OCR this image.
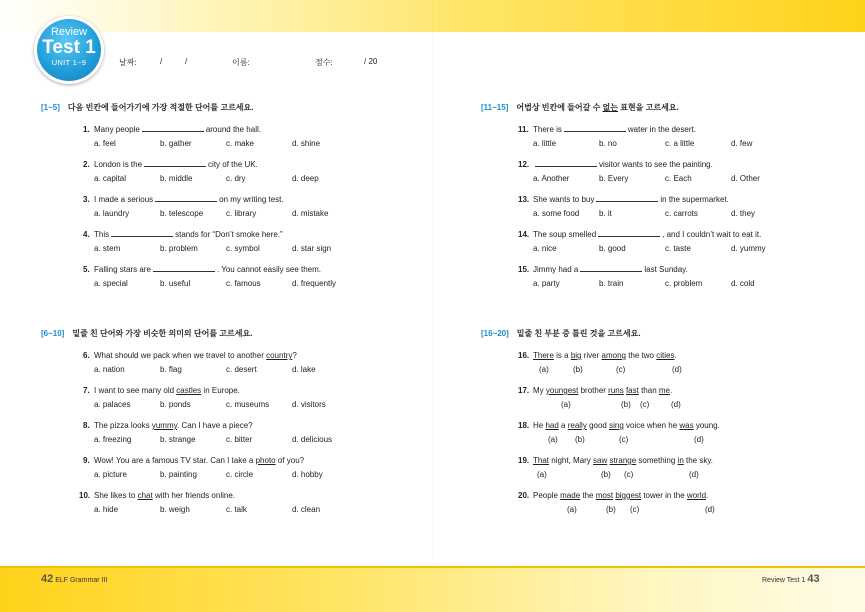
Review
Test 1
UNIT 1~9	날짜:	/	/	이름:	점수:	/ 20
[1~5] 다음 빈칸에 들어가기에 가장 적절한 단어를 고르세요.
[6~10] 밑줄 친 단어와 가장 비슷한 의미의 단어를 고르세요.
[11~15] 어법상 빈칸에 들어갈 수 없는 표현을 고르세요.
[16~20] 밑줄 친 부분 중 틀린 것을 고르세요.
1. Many people	around the hall.
a. feel	b. gather	c. make	d. shine
2. London is the	city of the UK.
a. capital	b. middle	c. dry	d. deep
3. I made a serious	on my writing test.
a. laundry	b. telescope	c. library	d. mistake
4. This	stands for “Don’t smoke here.”
a. stem	b. problem	c. symbol	d. star sign
5. Falling stars are	. You cannot easily see them.
a. special	b. useful	c. famous	d. frequently
6. What should we pack when we travel to another country?
a. nation	b. flag	c. desert	d. lake
7. I want to see many old castles in Europe.
a. palaces	b. ponds	c. museums	d. visitors
8. The pizza looks yummy. Can I have a piece?
a. freezing	b. strange	c. bitter	d. delicious
9. Wow! You are a famous TV star. Can I take a photo of you?
a. picture	b. painting	c. circle	d. hobby
10. She likes to chat with her friends online.
a. hide	b. weigh	c. talk	d. clean
11. There is	water in the desert.
a. little	b. no	c. a little	d. few
12.	visitor wants to see the painting.
a. Another	b. Every	c. Each	d. Other
13. She wants to buy	in the supermarket.
a. some food b. it	c. carrots	d. they
14. The soup smelled	, and I couldn’t wait to eat it.
a. nice	b. good	c. taste	d. yummy
15. Jimmy had a	last Sunday.
a. party	b. train	c. problem	d. cold
16. There is a big river among the two cities.
(a)	(b)	(c)	(d)
17. My youngest brother runs fast than me.
(a)	(b) (c)	(d)
18. He had a really good sing voice when he was young.
(a) (b)	(c)	(d)
19. That night, Mary saw strange something in the sky.
(a)	(b) (c)	(d)
20. People made the most biggest tower in the world.
(a)	(b) (c)	(d)
42 ELF Grammar III	Review Test 1 43
